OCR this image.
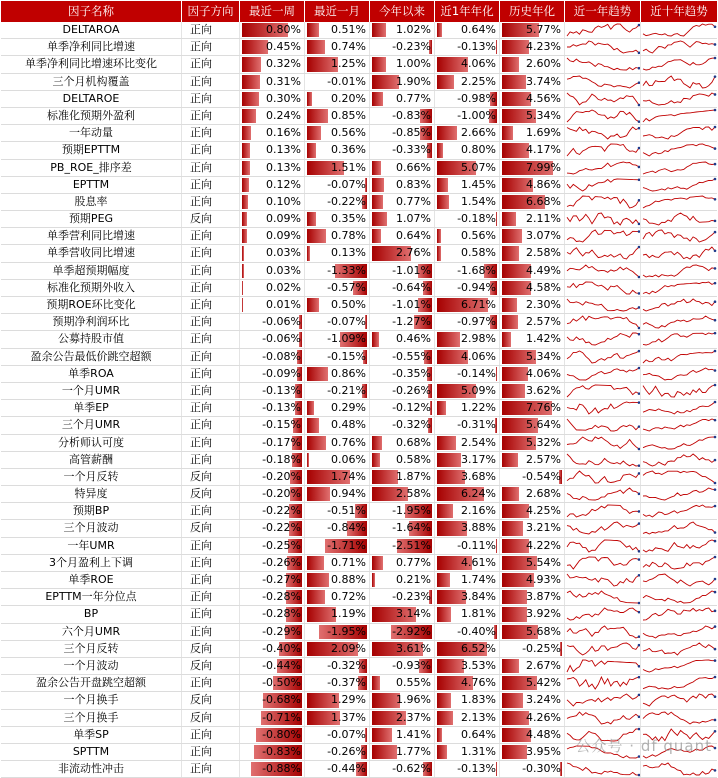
因子名称	因子方向	最近一周	最近一月	今年以来	近1年年化	历史年化	近一年趋势	近十年趋势
DELTAROA	正向	0.80%	0.51%	1.02%	0.64%	5.77%
单季净利同比增速	正向	0.45%	0.74%	-0.23%	-0.13%	4.23%
单季净利同比增速环比变化	正向	0.32%	1.25%	1.00%	4.06%	2.60%
三个月机构覆盖	正向	0.31%	-0.01%	1.90%	2.25%	3.74%
DELTAROE	正向	0.30%	0.20%	0.77%	-0.98%	4.56%
标准化预期外盈利	正向	0.24%	0.85%	-0.83%	-1.00%	5.34%
一年动量	正向	0.16%	0.56%	-0.85%	2.66%	1.69%
预期EPTTM	正向	0.13%	0.36%	-0.33%	0.80%	4.17%
PB_ROE_排序差	正向	0.13%	1.51%	0.66%	5.07%	7.99%
EPTTM	正向	0.12%	-0.07%	0.83%	1.45%	4.86%
股息率	正向	0.10%	-0.22%	0.77%	1.54%	6.68%
预期PEG	反向	0.09%	0.35%	1.07%	-0.18%	2.11%
单季营利同比增速	正向	0.09%	0.78%	0.64%	0.56%	3.07%
单季营收同比增速	正向	0.03%	0.13%	2.76%	0.58%	2.58%
单季超预期幅度	正向	0.03%	-1.33%	-1.01%	-1.68%	4.49%
标准化预期外收入	正向	0.02%	-0.57%	-0.64%	-0.94%	4.58%
预期ROE环比变化	正向	0.01%	0.50%	-1.01%	6.71%	2.30%
预期净利润环比	正向	-0.06%	-0.07%	-1.27%	-0.97%	2.57%
公募持股市值	正向	-0.06%	-1.09%	0.46%	2.98%	1.42%
盈余公告最低价跳空超额	正向	-0.08%	-0.15%	-0.55%	4.06%	5.34%
单季ROA	正向	-0.09%	0.86%	-0.35%	-0.14%	4.06%
一个月UMR	正向	-0.13%	-0.21%	-0.26%	5.09%	3.62%
单季EP	正向	-0.13%	0.29%	-0.12%	1.22%	7.76%
三个月UMR	正向	-0.15%	0.48%	-0.32%	-0.31%	5.64%
分析师认可度	正向	-0.17%	0.76%	0.68%	2.54%	5.32%
高管薪酬	正向	-0.18%	0.06%	0.58%	3.17%	2.57%
一个月反转	反向	-0.20%	1.74%	1.87%	3.68%	-0.54%
特异度	反向	-0.20%	0.94%	2.58%	6.24%	2.68%
预期BP	正向	-0.22%	-0.51%	-1.95%	2.16%	4.25%
三个月波动	反向	-0.22%	-0.84%	-1.64%	3.88%	3.21%
一年UMR	正向	-0.25%	-1.71%	-2.51%	-0.11%	4.22%
3个月盈利上下调	正向	-0.26%	0.71%	0.77%	4.61%	5.54%
单季ROE	正向	-0.27%	0.88%	0.21%	1.74%	4.93%
EPTTM一年分位点	正向	-0.28%	0.72%	-0.23%	3.84%	3.87%
BP	正向	-0.28%	1.19%	3.14%	1.81%	3.92%
六个月UMR	正向	-0.29%	-1.95%	-2.92%	-0.40%	5.68%
三个月反转	反向	-0.40%	2.09%	3.61%	6.52%	-0.25%
一个月波动	反向	-0.44%	-0.32%	-0.93%	3.53%	2.67%
盈余公告开盘跳空超额	正向	-0.50%	-0.37%	0.55%	4.76%	5.42%
一个月换手	反向	-0.68%	1.29%	1.96%	1.83%	3.24%
三个月换手	反向	-0.71%	1.37%	2.37%	2.13%	4.26%
单季SP	正向	-0.80%	-0.07%	1.41%	0.64%	4.48%
SPTTM	正向	-0.83%	-0.26%	1.77%	1.31%	3.95%
非流动性冲击	正向	-0.88%	-0.44%	-0.62%	-0.13%	-0.30%
公众号 · df quant
